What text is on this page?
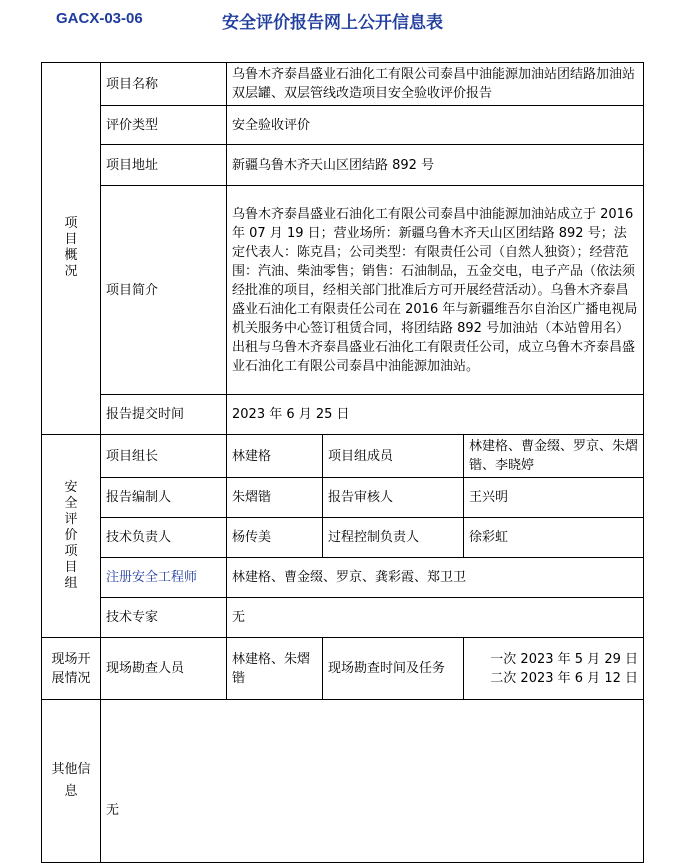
GACX-03-06	安全评价报告网上公开信息表
项目概况	项目名称	乌鲁木齐泰昌盛业石油化工有限公司泰昌中油能源加油站团结路加油站双层罐、双层管线改造项目安全验收评价报告		
	评价类型	安全验收评价		
	项目地址	新疆乌鲁木齐天山区团结路 892 号		
	项目简介	乌鲁木齐泰昌盛业石油化工有限公司泰昌中油能源加油站成立于 2016 年 07 月 19 日；营业场所：新疆乌鲁木齐天山区团结路 892 号；法定代表人：陈克昌；公司类型：有限责任公司（自然人独资）；经营范围：汽油、柴油零售；销售：石油制品，五金交电，电子产品（依法须经批准的项目，经相关部门批准后方可开展经营活动）。乌鲁木齐泰昌盛业石油化工有限责任公司在 2016 年与新疆维吾尔自治区广播电视局机关服务中心签订租赁合同，将团结路 892 号加油站（本站曾用名）出租与乌鲁木齐泰昌盛业石油化工有限责任公司，成立乌鲁木齐泰昌盛业石油化工有限公司泰昌中油能源加油站。		
	报告提交时间	2023 年 6 月 25 日		
安全评价项目组	项目组长	林建格	项目组成员	林建格、曹金缀、罗京、朱熠锴、李晓婷
	报告编制人	朱熠锴	报告审核人	王兴明
	技术负责人	杨传美	过程控制负责人	徐彩虹
	注册安全工程师	林建格、曹金缀、罗京、龚彩霞、郑卫卫		
	技术专家	无		
现场开展情况	现场勘查人员	林建格、朱熠锴	现场勘查时间及任务	一次 2023 年 5 月 29 日
二次 2023 年 6 月 12 日

其他信息	无			
